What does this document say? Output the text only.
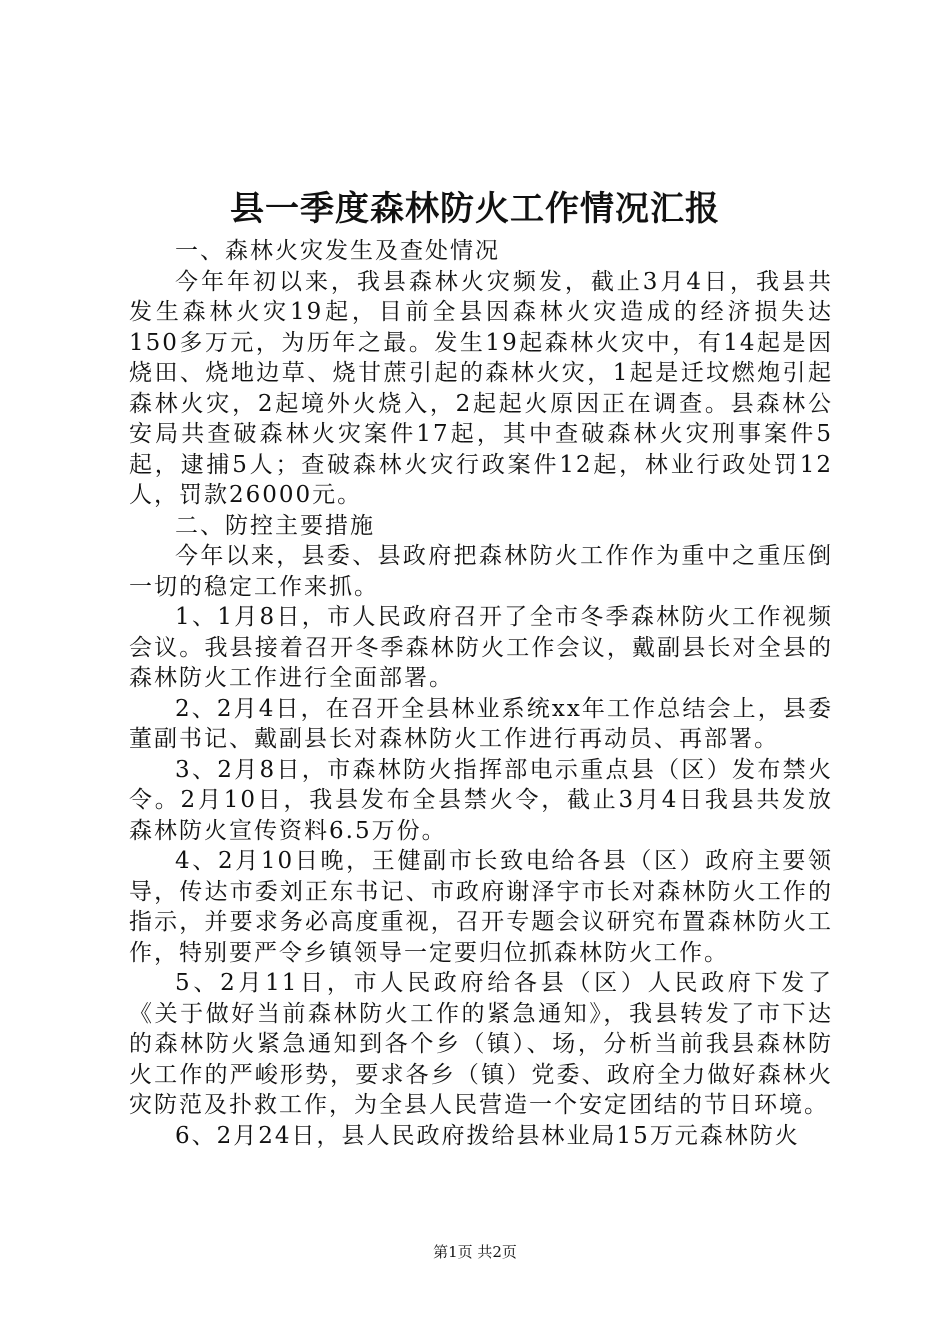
县一季度森林防火工作情况汇报

一、森林火灾发生及查处情况

今年年初以来，我县森林火灾频发，截止3月4日，我县共发生森林火灾19起，目前全县因森林火灾造成的经济损失达150多万元，为历年之最。发生19起森林火灾中，有14起是因烧田、烧地边草、烧甘蔗引起的森林火灾，1起是迁坟燃炮引起森林火灾，2起境外火烧入，2起起火原因正在调查。县森林公安局共查破森林火灾案件17起，其中查破森林火灾刑事案件5起，逮捕5人；查破森林火灾行政案件12起，林业行政处罚12人，罚款26000元。

二、防控主要措施

今年以来，县委、县政府把森林防火工作作为重中之重压倒一切的稳定工作来抓。

1、1月8日，市人民政府召开了全市冬季森林防火工作视频会议。我县接着召开冬季森林防火工作会议，戴副县长对全县的森林防火工作进行全面部署。

2、2月4日，在召开全县林业系统xx年工作总结会上，县委董副书记、戴副县长对森林防火工作进行再动员、再部署。

3、2月8日，市森林防火指挥部电示重点县（区）发布禁火令。2月10日，我县发布全县禁火令，截止3月4日我县共发放森林防火宣传资料6.5万份。

4、2月10日晚，王健副市长致电给各县（区）政府主要领导，传达市委刘正东书记、市政府谢泽宇市长对森林防火工作的指示，并要求务必高度重视，召开专题会议研究布置森林防火工作，特别要严令乡镇领导一定要归位抓森林防火工作。

5、2月11日，市人民政府给各县（区）人民政府下发了《关于做好当前森林防火工作的紧急通知》，我县转发了市下达的森林防火紧急通知到各个乡（镇）、场，分析当前我县森林防火工作的严峻形势，要求各乡（镇）党委、政府全力做好森林火灾防范及扑救工作，为全县人民营造一个安定团结的节日环境。

6、2月24日，县人民政府拨给县林业局15万元森林防火

第1页 共2页
